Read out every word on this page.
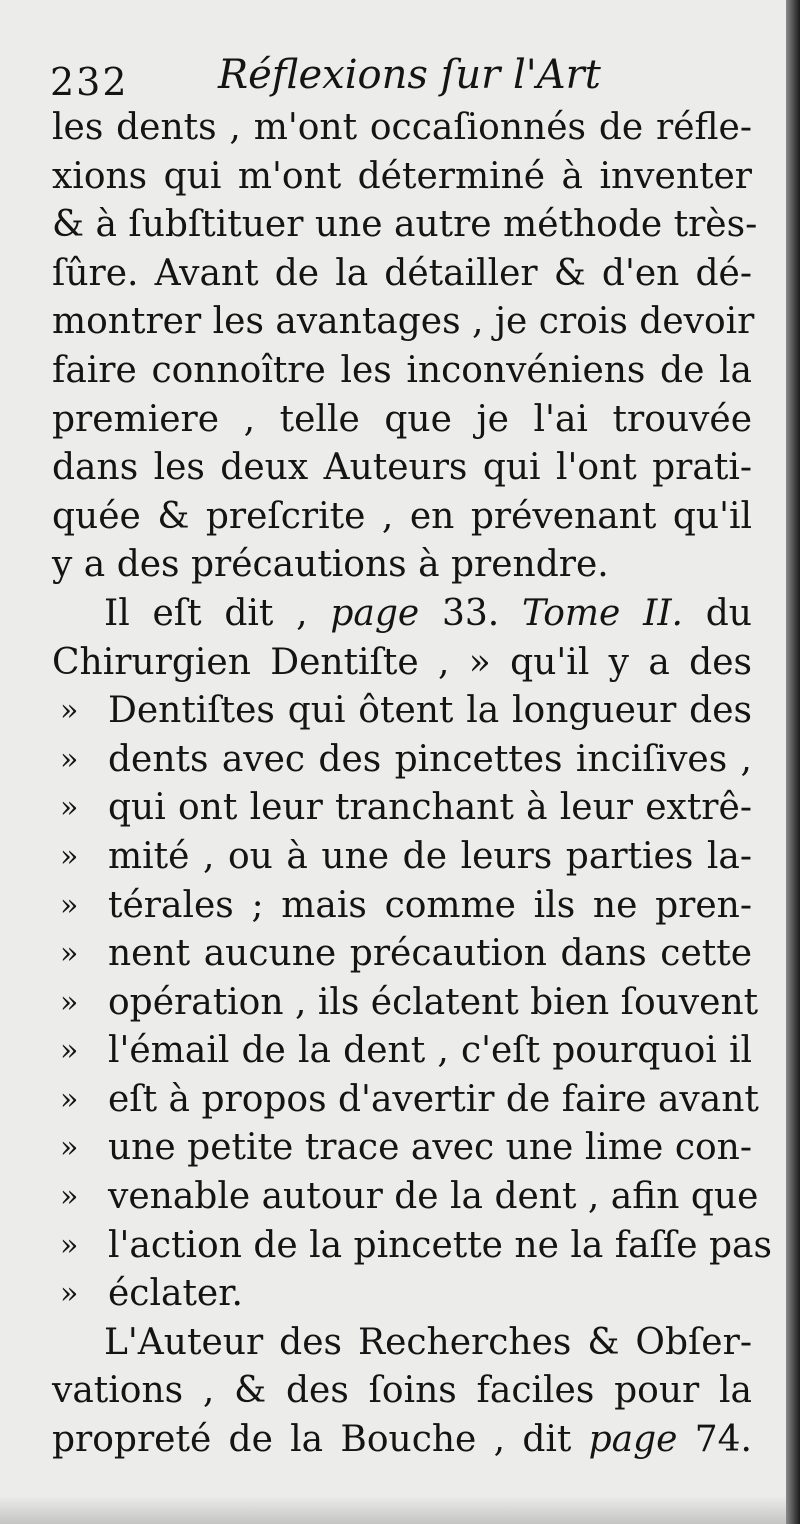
232 Réflexions ſur l'Art
les dents , m'ont occaſionnés de réfle-
xions qui m'ont déterminé à inventer
& à ſubſtituer une autre méthode très-
ſûre. Avant de la détailler & d'en dé-
montrer les avantages , je crois devoir
faire connoître les inconvéniens de la
premiere , telle que je l'ai trouvée
dans les deux Auteurs qui l'ont prati-
quée & preſcrite , en prévenant qu'il
y a des précautions à prendre.
Il eſt dit , page 33. Tome II. du
Chirurgien Dentiſte , » qu'il y a des
» Dentiſtes qui ôtent la longueur des
» dents avec des pincettes inciſives ,
» qui ont leur tranchant à leur extrê-
» mité , ou à une de leurs parties la-
» térales ; mais comme ils ne pren-
» nent aucune précaution dans cette
» opération , ils éclatent bien ſouvent
» l'émail de la dent , c'eſt pourquoi il
» eſt à propos d'avertir de faire avant
» une petite trace avec une lime con-
» venable autour de la dent , afin que
» l'action de la pincette ne la faſſe pas
» éclater.
L'Auteur des Recherches & Obſer-
vations , & des ſoins faciles pour la
propreté de la Bouche , dit page 74.
